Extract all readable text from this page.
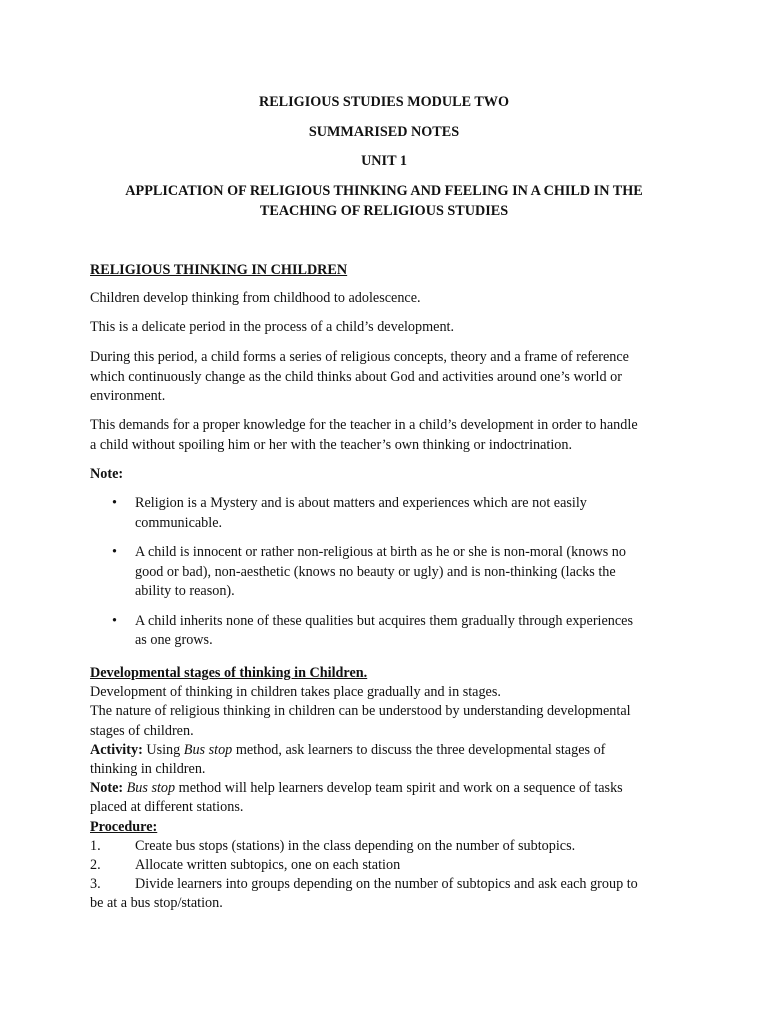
RELIGIOUS STUDIES MODULE TWO
SUMMARISED NOTES
UNIT 1
APPLICATION OF RELIGIOUS THINKING AND FEELING IN A CHILD IN THE
TEACHING OF RELIGIOUS STUDIES
RELIGIOUS THINKING IN CHILDREN

Children develop thinking from childhood to adolescence.

This is a delicate period in the process of a child’s development.

During this period, a child forms a series of religious concepts, theory and a frame of reference
which continuously change as the child thinks about God and activities around one’s world or
environment.
This demands for a proper knowledge for the teacher in a child’s development in order to handle
a child without spoiling him or her with the teacher’s own thinking or indoctrination.
Note:
• Religion is a Mystery and is about matters and experiences which are not easily
communicable.
• A child is innocent or rather non-religious at birth as he or she is non-moral (knows no
good or bad), non-aesthetic (knows no beauty or ugly) and is non-thinking (lacks the
ability to reason).
• A child inherits none of these qualities but acquires them gradually through experiences
as one grows.
Developmental stages of thinking in Children.
Development of thinking in children takes place gradually and in stages.
The nature of religious thinking in children can be understood by understanding developmental
stages of children.
Activity: Using Bus stop method, ask learners to discuss the three developmental stages of
thinking in children.
Note: Bus stop method will help learners develop team spirit and work on a sequence of tasks
placed at different stations.
Procedure:
1. Create bus stops (stations) in the class depending on the number of subtopics.
2. Allocate written subtopics, one on each station
3. Divide learners into groups depending on the number of subtopics and ask each group to
be at a bus stop/station.
